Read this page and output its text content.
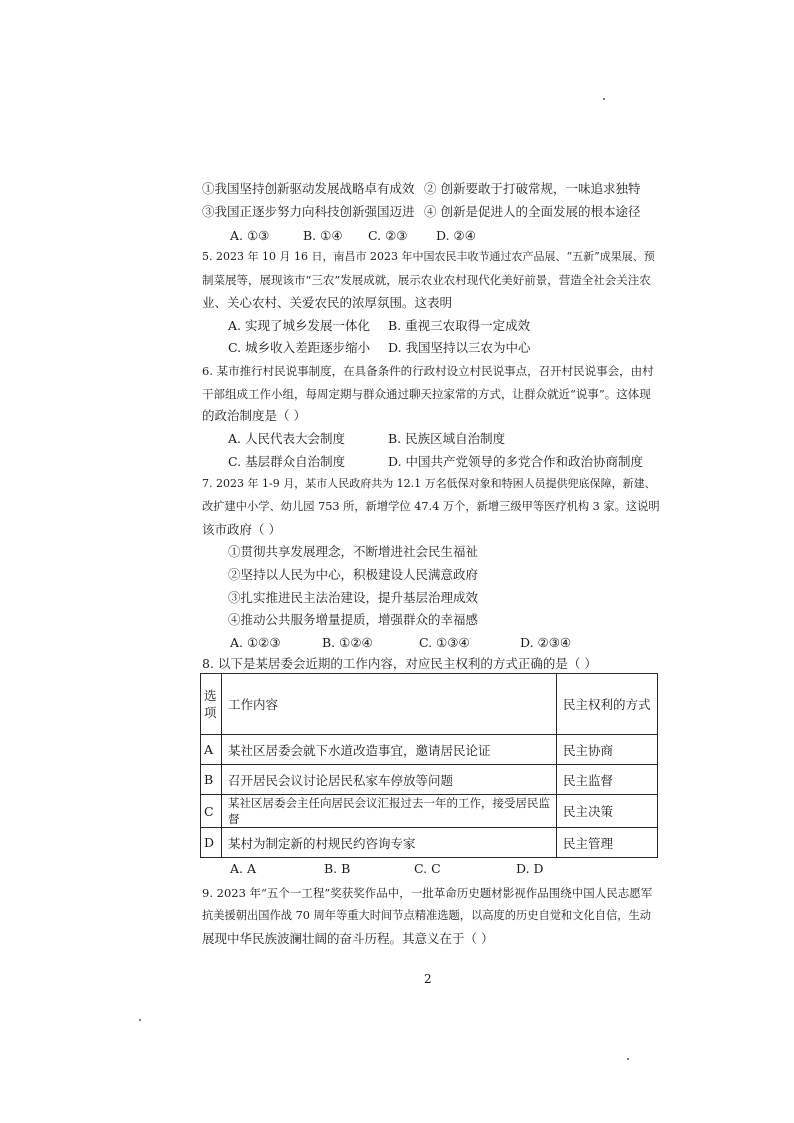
①我国坚持创新驱动发展战略卓有成效 ② 创新要敢于打破常规，一味追求独特
③我国正逐步努力向科技创新强国迈进 ④ 创新是促进人的全面发展的根本途径
A. ①③	B. ①④ C. ②③ D. ②④
5. 2023 年 10 月 16 日，南昌市 2023 年中国农民丰收节通过农产品展、“五新”成果展、预
制菜展等，展现该市“三农”发展成就，展示农业农村现代化美好前景，营造全社会关注农
业、关心农村、关爱农民的浓厚氛围。这表明
A. 实现了城乡发展一体化 B. 重视三农取得一定成效
C. 城乡收入差距逐步缩小 D. 我国坚持以三农为中心
6. 某市推行村民说事制度，在具备条件的行政村设立村民说事点，召开村民说事会，由村
干部组成工作小组，每周定期与群众通过聊天拉家常的方式，让群众就近“说事”。这体现
的政治制度是（ ）
A. 人民代表大会制度	B. 民族区域自治制度
C. 基层群众自治制度	D. 中国共产党领导的多党合作和政治协商制度
7. 2023 年 1-9 月，某市人民政府共为 12.1 万名低保对象和特困人员提供兜底保障，新建、
改扩建中小学、幼儿园 753 所，新增学位 47.4 万个，新增三级甲等医疗机构 3 家。这说明
该市政府（ ）
①贯彻共享发展理念，不断增进社会民生福祉
②坚持以人民为中心，积极建设人民满意政府
③扎实推进民主法治建设，提升基层治理成效
④推动公共服务增量提质，增强群众的幸福感
A. ①②③	B. ①②④	C. ①③④	D. ②③④
8. 以下是某居委会近期的工作内容，对应民主权利的方式正确的是（ ）
选
项	工作内容	民主权利的方式
A	某社区居委会就下水道改造事宜，邀请居民论证	民主协商
B	召开居民会议讨论居民私家车停放等问题	民主监督
C	某社区居委会主任向居民会议汇报过去一年的工作，接受居民监督	民主决策
D	某村为制定新的村规民约咨询专家	民主管理
A. A	B. B	C. C	D. D
9. 2023 年“五个一工程”奖获奖作品中，一批革命历史题材影视作品围绕中国人民志愿军
抗美援朝出国作战 70 周年等重大时间节点精准选题，以高度的历史自觉和文化自信，生动
展现中华民族波澜壮阔的奋斗历程。其意义在于（ ）
2
